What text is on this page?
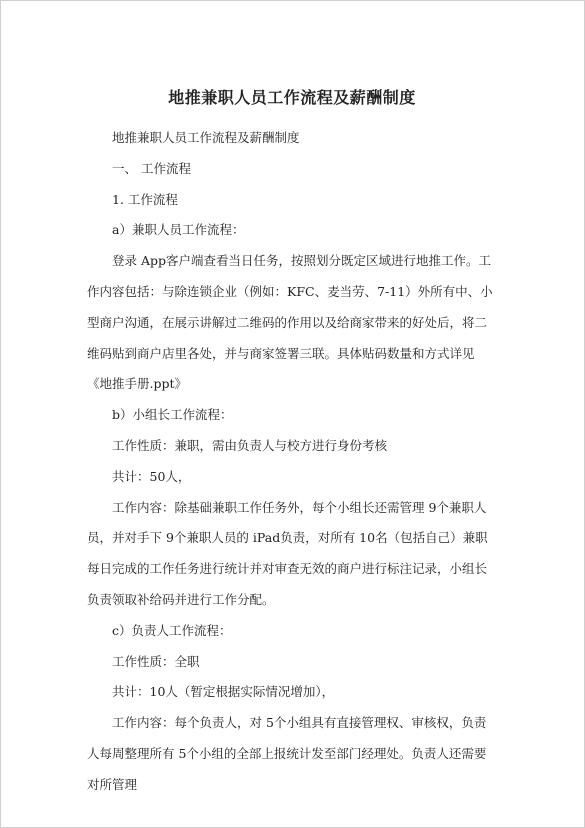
地推兼职人员工作流程及薪酬制度

地推兼职人员工作流程及薪酬制度

一、 工作流程

1. 工作流程

a）兼职人员工作流程：

登录 App客户端查看当日任务，按照划分既定区域进行地推工作。工作内容包括：与除连锁企业（例如：KFC、麦当劳、7-11）外所有中、小型商户沟通，在展示讲解过二维码的作用以及给商家带来的好处后，将二维码贴到商户店里各处，并与商家签署三联。具体贴码数量和方式详见《地推手册.ppt》

b）小组长工作流程：

工作性质：兼职，需由负责人与校方进行身份考核

共计：50人，

工作内容：除基础兼职工作任务外，每个小组长还需管理 9个兼职人员，并对手下 9个兼职人员的 iPad负责，对所有 10名（包括自己）兼职每日完成的工作任务进行统计并对审查无效的商户进行标注记录，小组长负责领取补给码并进行工作分配。

c）负责人工作流程：

工作性质：全职

共计：10人（暂定根据实际情况增加），

工作内容：每个负责人，对 5个小组具有直接管理权、审核权，负责人每周整理所有 5个小组的全部上报统计发至部门经理处。负责人还需要对所管理
